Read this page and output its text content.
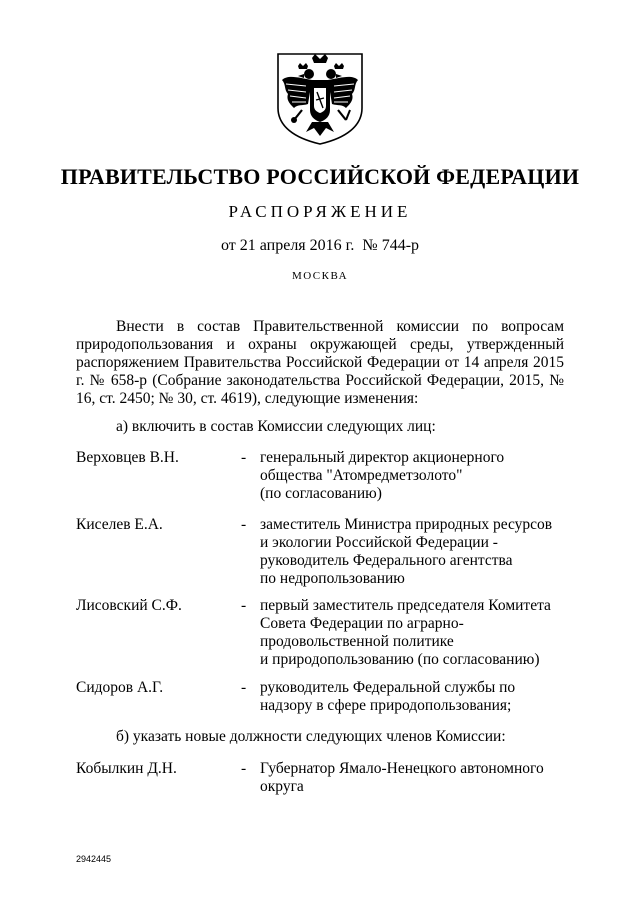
ПРАВИТЕЛЬСТВО РОССИЙСКОЙ ФЕДЕРАЦИИ
РАСПОРЯЖЕНИЕ
от 21 апреля 2016 г.  № 744-р
МОСКВА

Внести в состав Правительственной комиссии по вопросам природопользования и охраны окружающей среды, утвержденный распоряжением Правительства Российской Федерации от 14 апреля 2015 г. № 658-р (Собрание законодательства Российской Федерации, 2015, № 16, ст. 2450; № 30, ст. 4619), следующие изменения:

а) включить в состав Комиссии следующих лиц:

Верховцев В.Н.	- генеральный директор акционерного
общества "Атомредметзолото"
(по согласованию)
Киселев Е.А.	- заместитель Министра природных ресурсов
и экологии Российской Федерации -
руководитель Федерального агентства
по недропользованию
Лисовский С.Ф.	- первый заместитель председателя Комитета
Совета Федерации по аграрно-
продовольственной политике
и природопользованию (по согласованию)
Сидоров А.Г.	- руководитель Федеральной службы по
надзору в сфере природопользования;

б) указать новые должности следующих членов Комиссии:

Кобылкин Д.Н.	- Губернатор Ямало-Ненецкого автономного
округа
2942445
